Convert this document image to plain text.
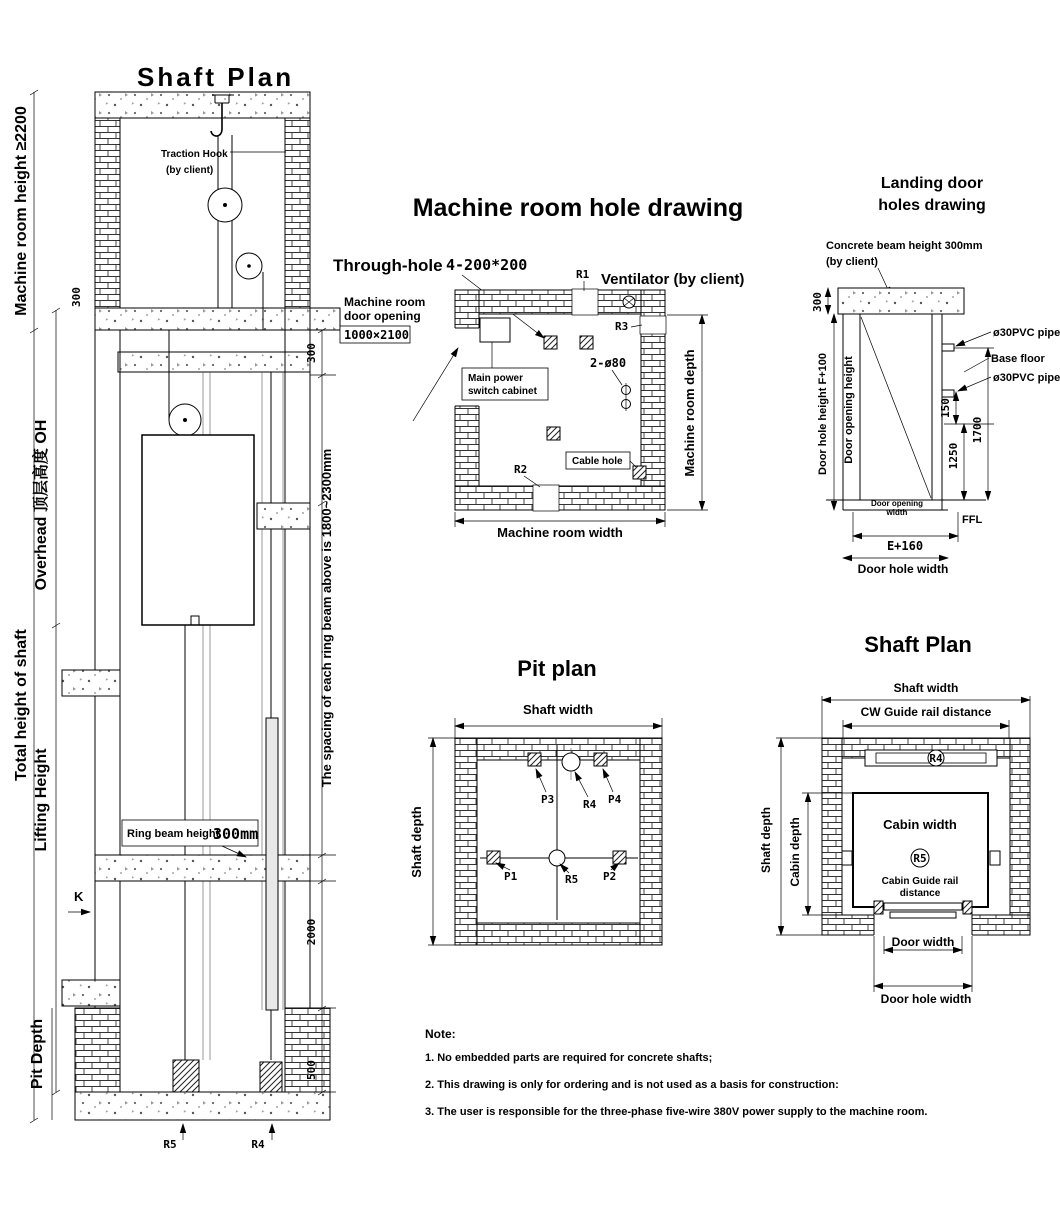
Shaft Plan
Traction Hook
(by client)
R5	R4
Machine room height ≥2200
Overhead 顶层高度 OH
Total height of shaft
Lifting Height
Pit Depth
300
300
The spacing of each ring beam above is 1800~2300mm
2000
500
Ring beam height
300mm
K
Machine room hole drawing
Through-hole 4-200*200
Machine room
door opening
1000×2100
Main power
switch cabinet
R1 Ventilator (by client)
R3
2-ø80
R2
Cable hole
Machine room width
Machine room depth
Landing door
holes drawing
Concrete beam height 300mm
(by client)
ø30PVC pipe
Base floor
ø30PVC pipe
150
1250
1700
300
Door hole height F+100 Door opening height
Door opening
width
FFL
E+160
Door hole width
Pit plan
Shaft width
P3	R4 P4
P1	R5 P2
Shaft depth
Shaft Plan
Shaft width
CW Guide rail distance
R4
Cabin width
R5
Cabin Guide rail
distance
Door width
Door hole width
Shaft depth Cabin depth
Note:
1. No embedded parts are required for concrete shafts;
2. This drawing is only for ordering and is not used as a basis for construction:
3. The user is responsible for the three-phase five-wire 380V power supply to the machine room.
